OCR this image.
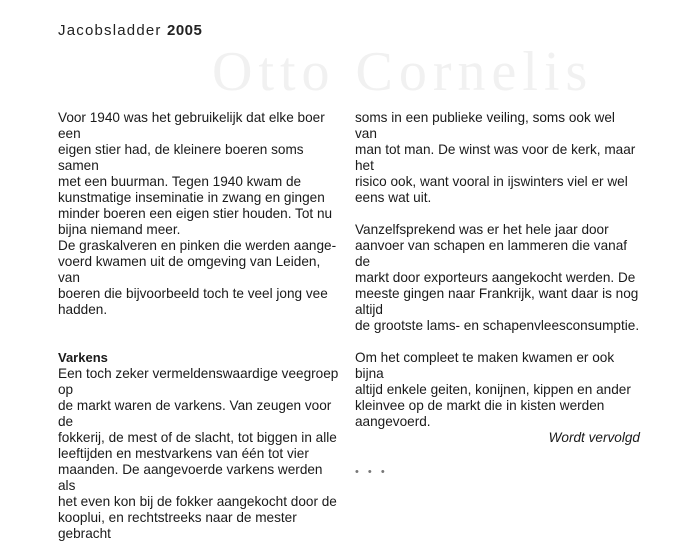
Jacobsladder 2005
Otto Cornelis

Voor 1940 was het gebruikelijk dat elke boer een
eigen stier had, de kleinere boeren soms samen
met een buurman. Tegen 1940 kwam de
kunstmatige inseminatie in zwang en gingen
minder boeren een eigen stier houden. Tot nu
bijna niemand meer.
De graskalveren en pinken die werden aange-
voerd kwamen uit de omgeving van Leiden, van
boeren die bijvoorbeeld toch te veel jong vee
hadden.

Varkens

Een toch zeker vermeldenswaardige veegroep op
de markt waren de varkens. Van zeugen voor de
fokkerij, de mest of de slacht, tot biggen in alle
leeftijden en mestvarkens van één tot vier
maanden. De aangevoerde varkens werden als
het even kon bij de fokker aangekocht door de
kooplui, en rechtstreeks naar de mester gebracht

soms in een publieke veiling, soms ook wel van
man tot man. De winst was voor de kerk, maar het
risico ook, want vooral in ijswinters viel er wel
eens wat uit.

Vanzelfsprekend was er het hele jaar door
aanvoer van schapen en lammeren die vanaf de
markt door exporteurs aangekocht werden. De
meeste gingen naar Frankrijk, want daar is nog altijd
de grootste lams- en schapenvleesconsumptie.

Om het compleet te maken kwamen er ook bijna
altijd enkele geiten, konijnen, kippen en ander
kleinvee op de markt die in kisten werden
aangevoerd.

Wordt vervolgd

• • •
